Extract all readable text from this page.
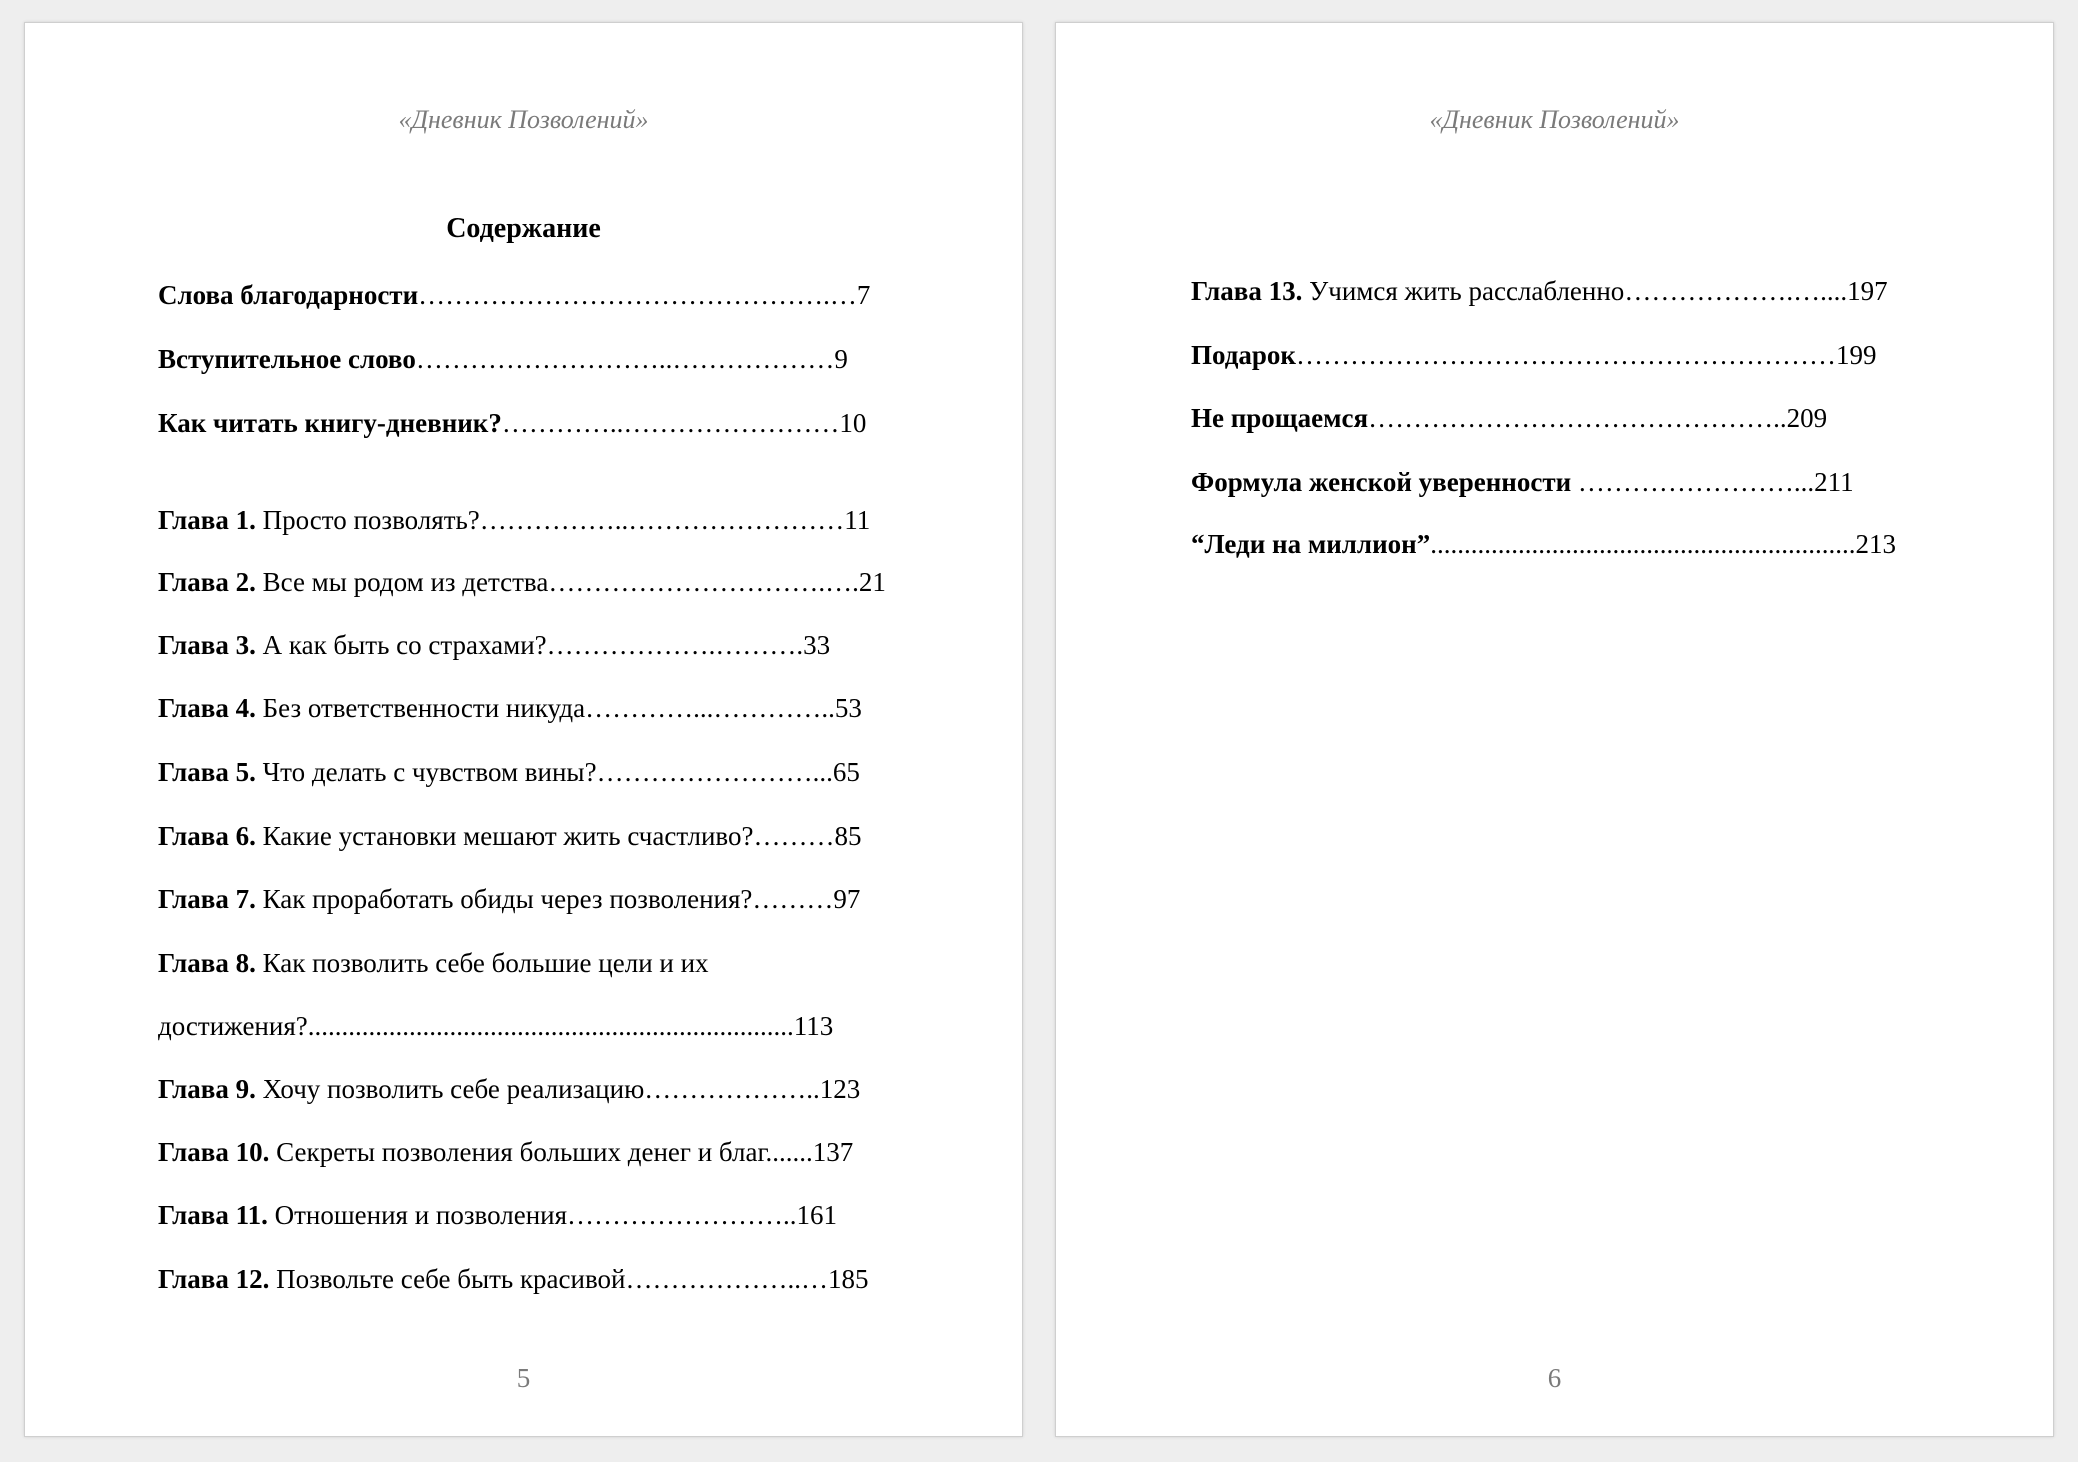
«Дневник Позволений»
Содержание
Слова благодарности……………………………………….…7
Вступительное слово………………………..………………9
Как читать книгу-дневник?…………..……………………10
Глава 1. Просто позволять?……………..……………………11
Глава 2. Все мы родом из детства………………………….….21
Глава 3. А как быть со страхами?……………….……….33
Глава 4. Без ответственности никуда…………...…………..53
Глава 5. Что делать с чувством вины?……………………...65
Глава 6. Какие установки мешают жить счастливо?………85
Глава 7. Как проработать обиды через позволения?………97
Глава 8. Как позволить себе большие цели и их
достижения?........................................................................113
Глава 9. Хочу позволить себе реализацию………………..123
Глава 10. Секреты позволения больших денег и благ.......137
Глава 11. Отношения и позволения……………………..161
Глава 12. Позвольте себе быть красивой………………..…185
5
«Дневник Позволений»
Глава 13. Учимся жить расслабленно……………….…....197
Подарок……………………………………………………199
Не прощаемся………………………………………..209
Формула женской уверенности ……………………...211
“Леди на миллион”...............................................................213
6
